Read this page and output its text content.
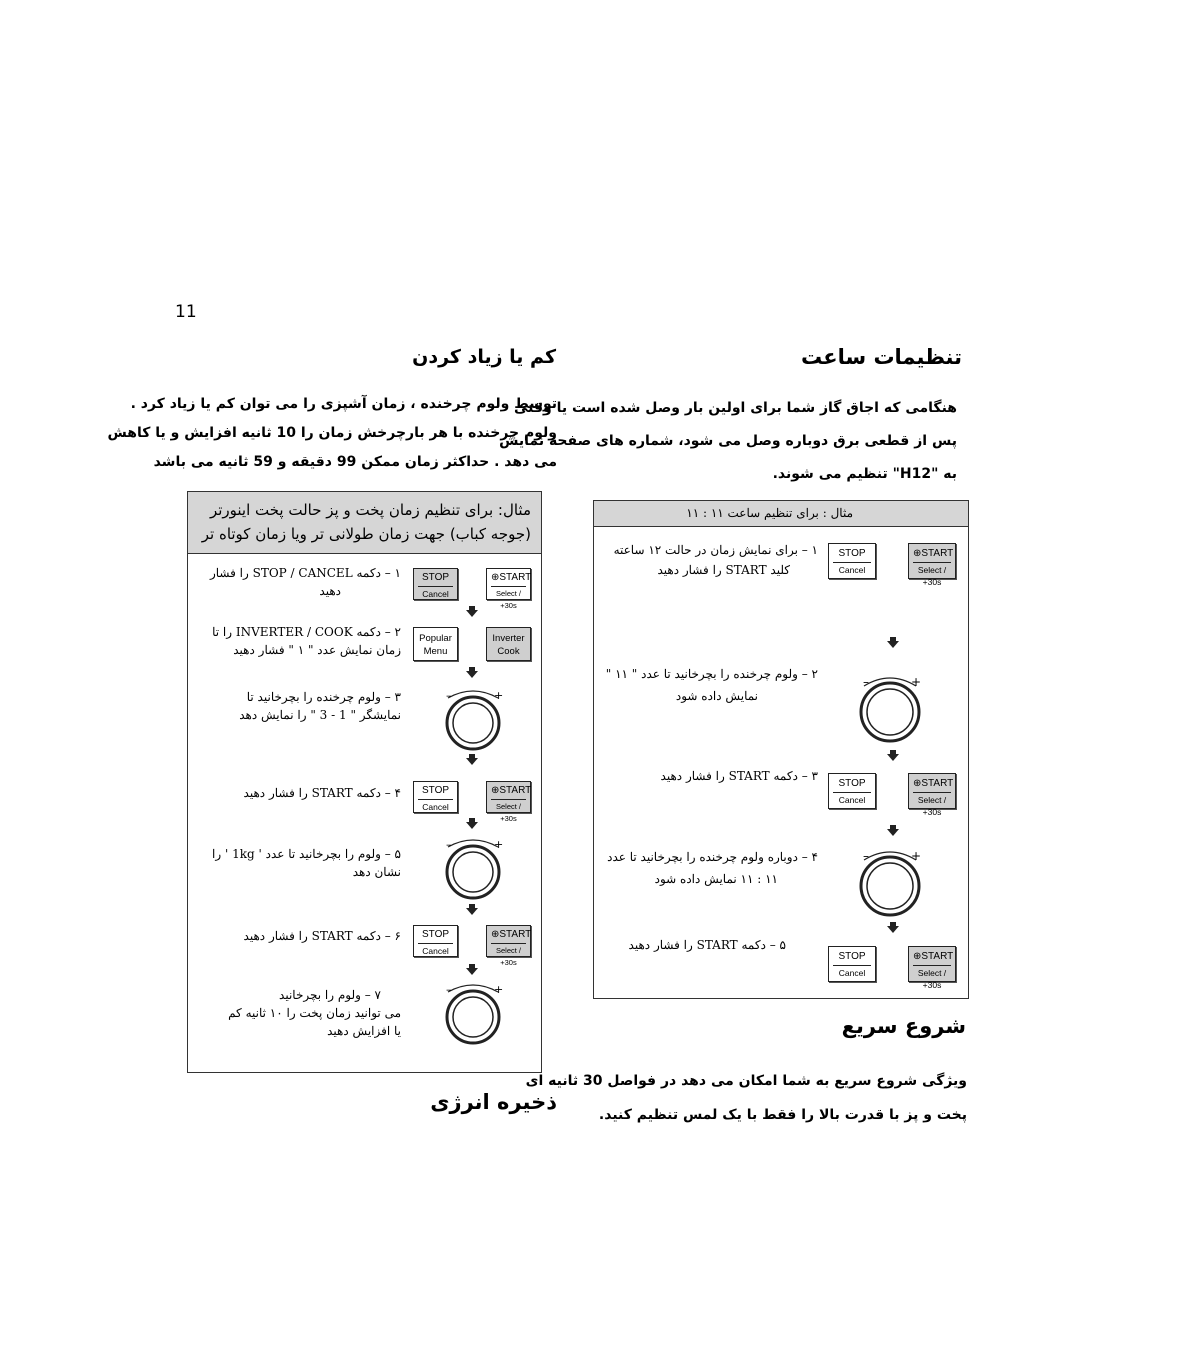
11
تنظیمات ساعت
هنگامی که اجاق گاز شما برای اولین بار وصل شده است یا وقتی
پس از قطعی برق دوباره وصل می شود، شماره های صفحه نمایش
به "H12" تنظیم می شوند.
مثال : برای تنظیم ساعت ۱۱ : ۱۱
۱ – برای نمایش زمان در حالت ۱۲ ساعته
کلید START را فشار دهید
STOP
Cancel
⊕START
Select / +30s
۲ – ولوم چرخنده را بچرخانید تا عدد " ۱۱ "
نمایش داده شود
–	+
۳ – دکمه START را فشار دهید
STOP
Cancel
⊕START
Select / +30s
۴ – دوباره ولوم چرخنده را بچرخانید تا عدد
۱۱ : ۱۱ نمایش داده شود
–	+
۵ – دکمه START را فشار دهید
STOP
Cancel
⊕START
Select / +30s
شروع سریع
ویژگی شروع سریع به شما امکان می دهد در فواصل 30 ثانیه ای
پخت و پز با قدرت بالا را فقط با یک لمس تنظیم کنید.
کم یا زیاد کردن
توسط ولوم چرخنده ، زمان آشپزی را می توان کم یا زیاد کرد .
ولوم چرخنده با هر بارچرخش زمان را 10 ثانیه افزایش و یا کاهش
می دهد . حداکثر زمان ممکن 99 دقیقه و 59 ثانیه می باشد
مثال: برای تنظیم زمان پخت و پز حالت پخت اینورتر
(جوجه کباب) جهت زمان طولانی تر ویا زمان کوتاه تر
۱ – دکمه STOP / CANCEL را فشار
دهید
STOP
Cancel
⊕START
Select / +30s
۲ – دکمه INVERTER / COOK را تا
زمان نمایش عدد " ۱ " فشار دهید
Popular
Menu
Inverter
Cook
۳ – ولوم چرخنده را بچرخانید تا
نمایشگر " 1 - 3 " را نمایش دهد
–	+
۴ – دکمه START را فشار دهید	STOP
Cancel
⊕START
Select / +30s
۵ – ولوم را بچرخانید تا عدد ' 1kg ' را
نشان دهد
–	+
۶ – دکمه START را فشار دهید	STOP
Cancel
⊕START
Select / +30s
۷ – ولوم را بچرخانید
می توانید زمان پخت را ۱۰ ثانیه کم
یا افزایش دهید
–	+
ذخیره انرژی
